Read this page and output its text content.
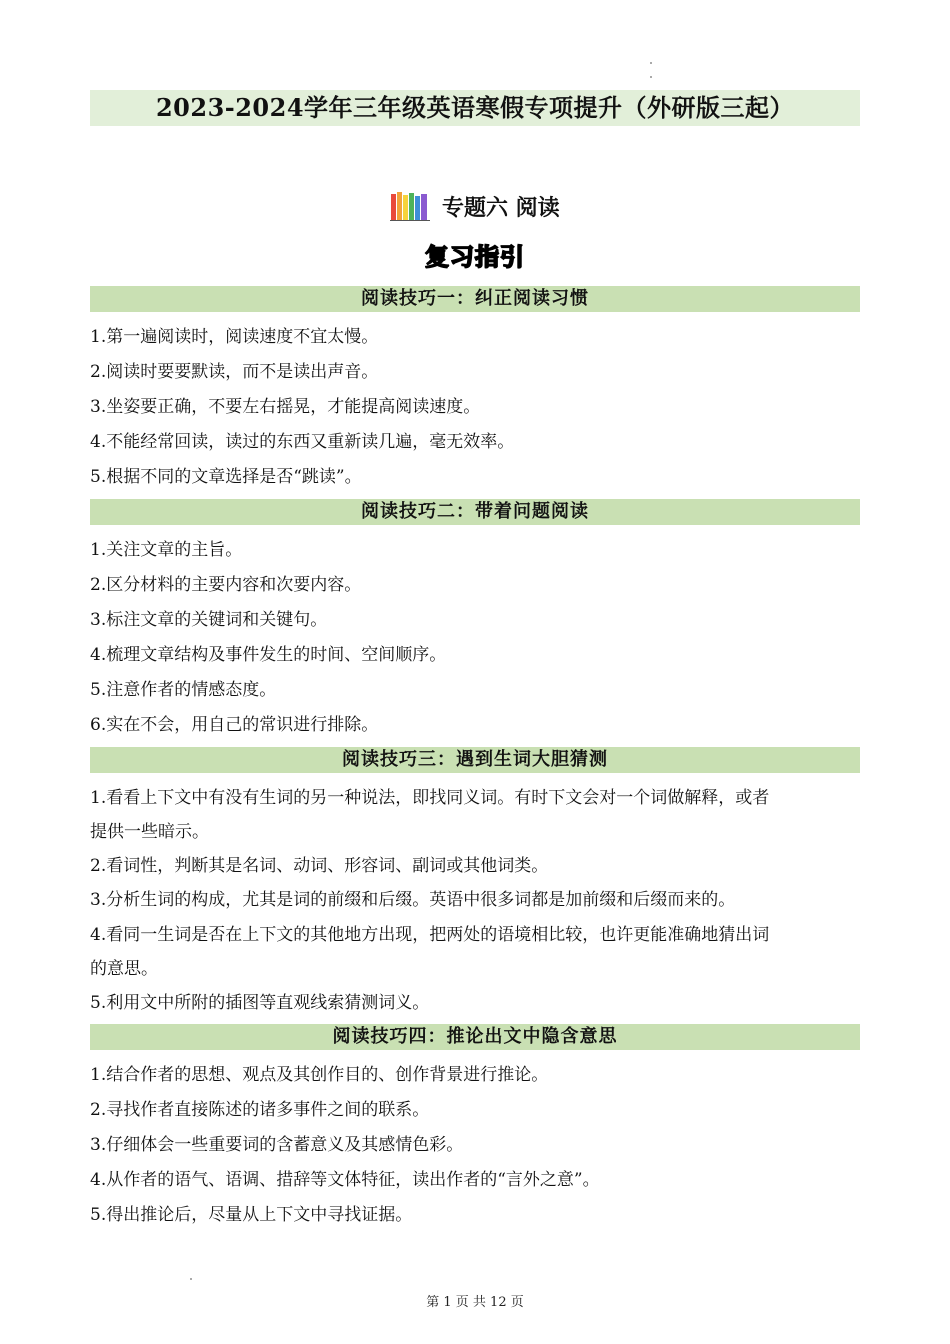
2023-2024学年三年级英语寒假专项提升（外研版三起）
专题六 阅读
复习指引
阅读技巧一：纠正阅读习惯
1.第一遍阅读时，阅读速度不宜太慢。
2.阅读时要要默读，而不是读出声音。
3.坐姿要正确，不要左右摇晃，才能提高阅读速度。
4.不能经常回读，读过的东西又重新读几遍，毫无效率。
5.根据不同的文章选择是否“跳读”。
阅读技巧二：带着问题阅读
1.关注文章的主旨。
2.区分材料的主要内容和次要内容。
3.标注文章的关键词和关键句。
4.梳理文章结构及事件发生的时间、空间顺序。
5.注意作者的情感态度。
6.实在不会，用自己的常识进行排除。
阅读技巧三：遇到生词大胆猜测
1.看看上下文中有没有生词的另一种说法，即找同义词。有时下文会对一个词做解释，或者
提供一些暗示。
2.看词性，判断其是名词、动词、形容词、副词或其他词类。
3.分析生词的构成，尤其是词的前缀和后缀。英语中很多词都是加前缀和后缀而来的。
4.看同一生词是否在上下文的其他地方出现，把两处的语境相比较，也许更能准确地猜出词
的意思。
5.利用文中所附的插图等直观线索猜测词义。
阅读技巧四：推论出文中隐含意思
1.结合作者的思想、观点及其创作目的、创作背景进行推论。
2.寻找作者直接陈述的诸多事件之间的联系。
3.仔细体会一些重要词的含蓄意义及其感情色彩。
4.从作者的语气、语调、措辞等文体特征，读出作者的“言外之意”。
5.得出推论后，尽量从上下文中寻找证据。
第 1 页 共 12 页
